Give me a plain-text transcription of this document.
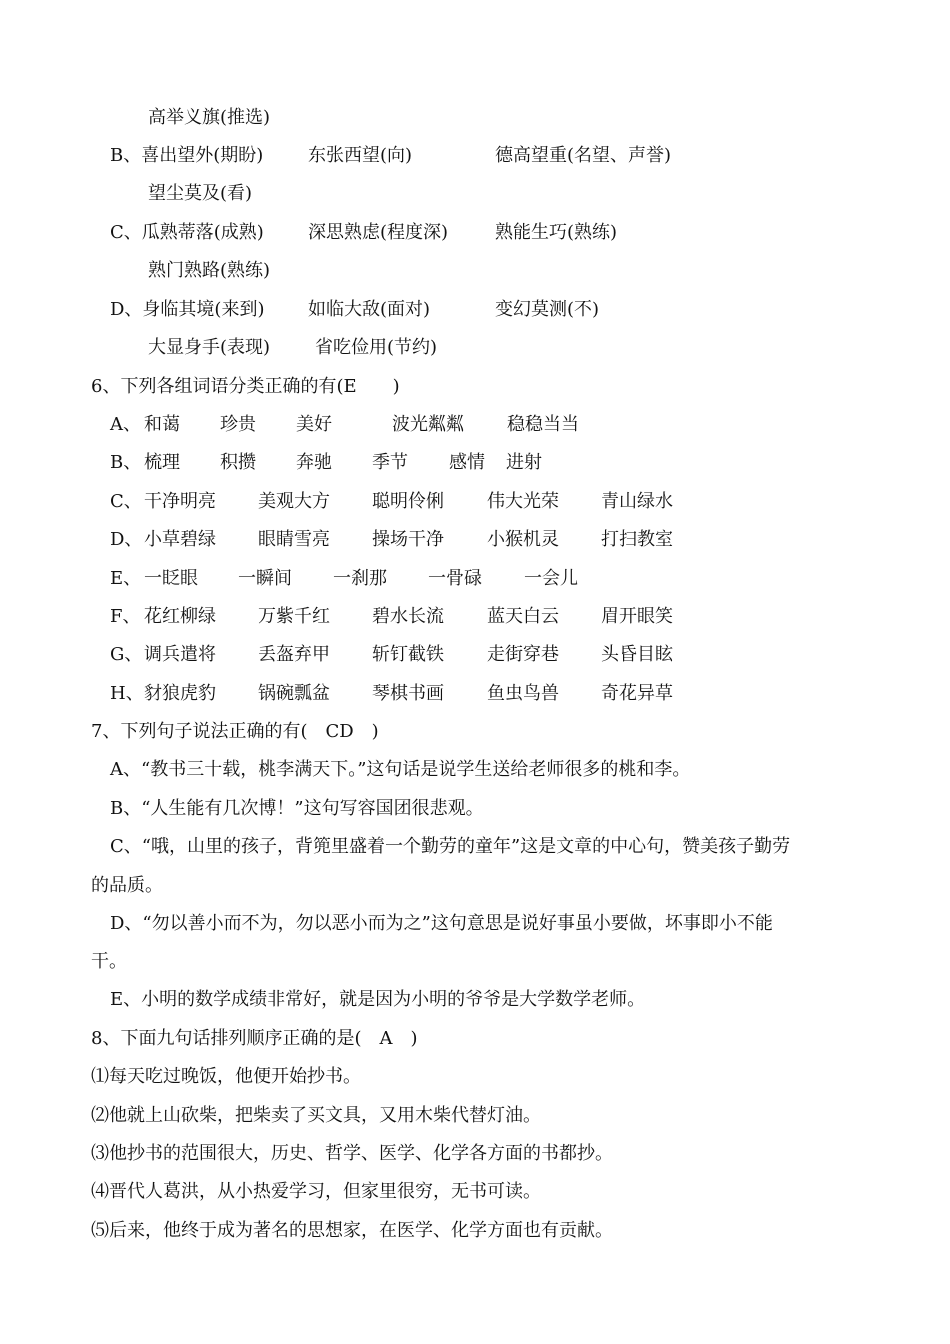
高举义旗(推选)
B、喜出望外(期盼) 东张西望(向)	德高望重(名望、声誉)
望尘莫及(看)
C、瓜熟蒂落(成熟) 深思熟虑(程度深)	熟能生巧(熟练)
熟门熟路(熟练)
D、身临其境(来到) 如临大敌(面对)	变幻莫测(不)
大显身手(表现) 省吃俭用(节约)
6、下列各组词语分类正确的有(E　　)
A、 和蔼 珍贵 美好	波光粼粼 稳稳当当
B、 梳理 积攒 奔驰 季节 感情 进射
C、 干净明亮 美观大方 聪明伶俐 伟大光荣 青山绿水
D、 小草碧绿 眼睛雪亮 操场干净 小猴机灵 打扫教室
E、 一眨眼 一瞬间 一刹那 一骨碌 一会儿
F、 花红柳绿 万紫千红 碧水长流 蓝天白云 眉开眼笑
G、 调兵遣将 丢盔弃甲 斩钉截铁 走街穿巷 头昏目眩
H、 豺狼虎豹 锅碗瓢盆 琴棋书画 鱼虫鸟兽 奇花异草
7、下列句子说法正确的有(　CD　)
A、“教书三十载，桃李满天下。”这句话是说学生送给老师很多的桃和李。
B、“人生能有几次博！”这句写容国团很悲观。
C、“哦，山里的孩子，背篼里盛着一个勤劳的童年”这是文章的中心句，赞美孩子勤劳
的品质。
D、“勿以善小而不为，勿以恶小而为之”这句意思是说好事虽小要做，坏事即小不能
干。
E、小明的数学成绩非常好，就是因为小明的爷爷是大学数学老师。
8、下面九句话排列顺序正确的是(　A　)
⑴每天吃过晚饭，他便开始抄书。
⑵他就上山砍柴，把柴卖了买文具，又用木柴代替灯油。
⑶他抄书的范围很大，历史、哲学、医学、化学各方面的书都抄。
⑷晋代人葛洪，从小热爱学习，但家里很穷，无书可读。
⑸后来，他终于成为著名的思想家，在医学、化学方面也有贡献。
